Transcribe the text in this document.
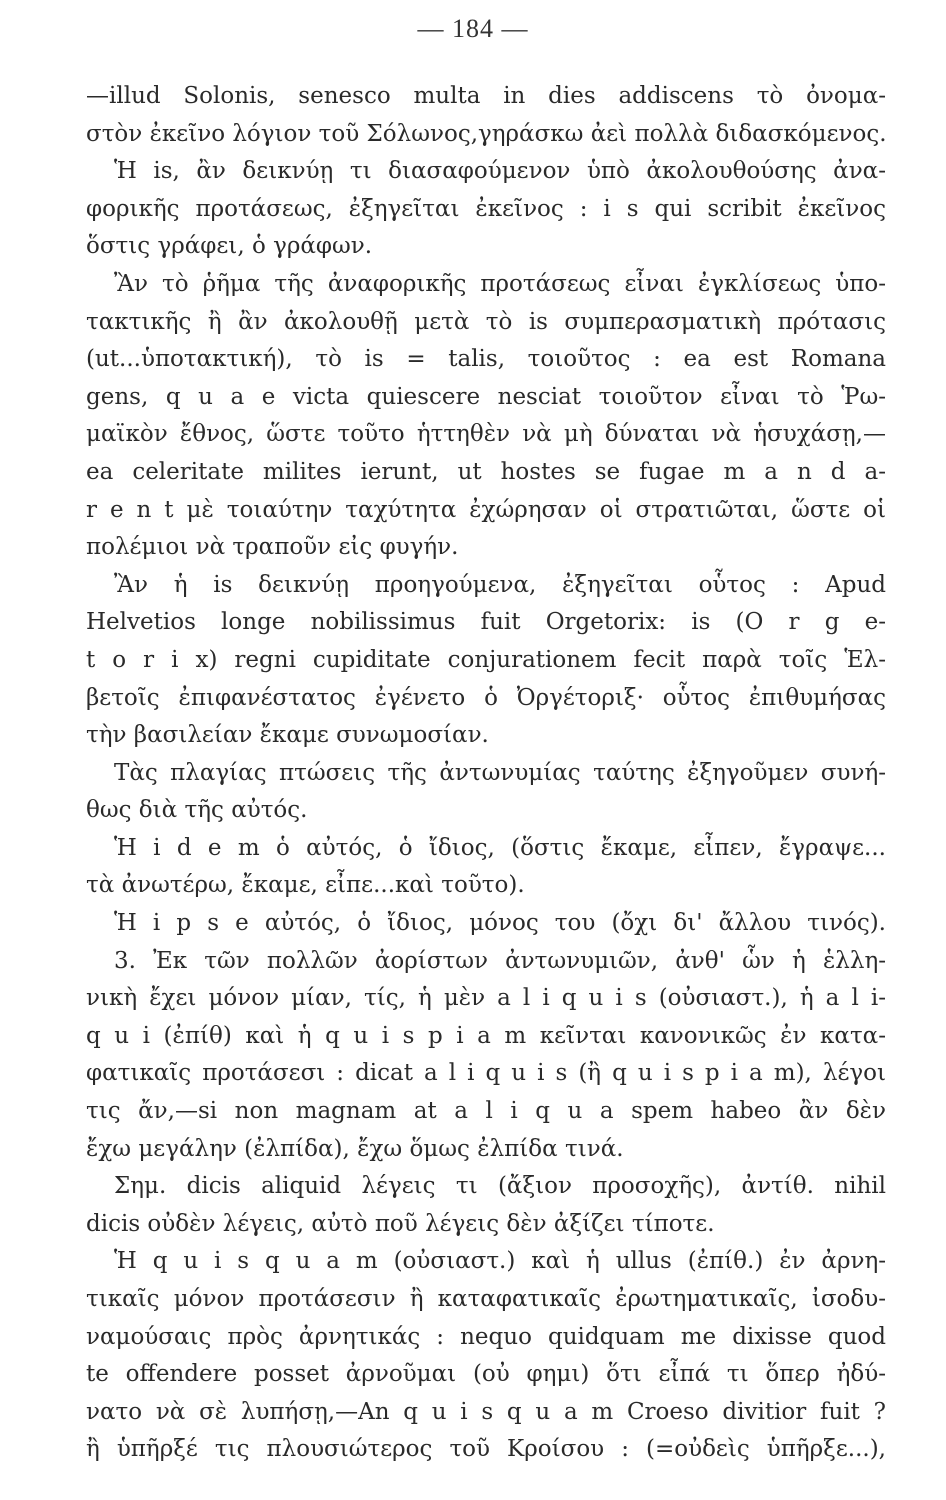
— 184 —
—illud Solonis, senesco multa in dies addiscens τὸ ὀνομα-
στὸν ἐκεῖνο λόγιον τοῦ Σόλωνος,γηράσκω ἀεὶ πολλὰ διδασκόμενος.
Ἡ is, ἂν δεικνύῃ τι διασαφούμενον ὑπὸ ἀκολουθούσης ἀνα-
φορικῆς προτάσεως, ἐξηγεῖται ἐκεῖνος : i s qui scribit ἐκεῖνος
ὅστις γράφει, ὁ γράφων.
Ἂν τὸ ῥῆμα τῆς ἀναφορικῆς προτάσεως εἶναι ἐγκλίσεως ὑπο-
τακτικῆς ἢ ἂν ἀκολουθῇ μετὰ τὸ is συμπερασματικὴ πρότασις
(ut...ὑποτακτική), τὸ is = talis, τοιοῦτος : ea est Romana
gens, q u a e victa quiescere nesciat τοιοῦτον εἶναι τὸ Ῥω-
μαϊκὸν ἔθνος, ὥστε τοῦτο ἡττηθὲν νὰ μὴ δύναται νὰ ἡσυχάσῃ,—
ea celeritate milites ierunt, ut hostes se fugae m a n d a-
r e n t μὲ τοιαύτην ταχύτητα ἐχώρησαν οἱ στρατιῶται, ὥστε οἱ
πολέμιοι νὰ τραποῦν εἰς φυγήν.
Ἂν ἡ is δεικνύῃ προηγούμενα, ἐξηγεῖται οὗτος : Apud
Helvetios longe nobilissimus fuit Orgetorix: is (O r g e-
t o r i x) regni cupiditate conjurationem fecit παρὰ τοῖς Ἑλ-
βετοῖς ἐπιφανέστατος ἐγένετο ὁ Ὀργέτοριξ· οὗτος ἐπιθυμήσας
τὴν βασιλείαν ἔκαμε συνωμοσίαν.
Τὰς πλαγίας πτώσεις τῆς ἀντωνυμίας ταύτης ἐξηγοῦμεν συνή-
θως διὰ τῆς αὐτός.
Ἡ i d e m ὁ αὐτός, ὁ ἴδιος, (ὅστις ἔκαμε, εἶπεν, ἔγραψε...
τὰ ἀνωτέρω, ἔκαμε, εἶπε...καὶ τοῦτο).
Ἡ i p s e αὐτός, ὁ ἴδιος, μόνος του (ὄχι δι' ἄλλου τινός).
3. Ἐκ τῶν πολλῶν ἀορίστων ἀντωνυμιῶν, ἀνθ' ὧν ἡ ἑλλη-
νικὴ ἔχει μόνον μίαν, τίς, ἡ μὲν a l i q u i s (οὐσιαστ.), ἡ a l i-
q u i (ἐπίθ) καὶ ἡ q u i s p i a m κεῖνται κανονικῶς ἐν κατα-
φατικαῖς προτάσεσι : dicat a l i q u i s (ἢ q u i s p i a m), λέγοι
τις ἄν,—si non magnam at a l i q u a spem habeo ἂν δὲν
ἔχω μεγάλην (ἐλπίδα), ἔχω ὅμως ἐλπίδα τινά.
Σημ. dicis aliquid λέγεις τι (ἄξιον προσοχῆς), ἀντίθ. nihil
dicis οὐδὲν λέγεις, αὐτὸ ποῦ λέγεις δὲν ἀξίζει τίποτε.
Ἡ q u i s q u a m (οὐσιαστ.) καὶ ἡ ullus (ἐπίθ.) ἐν ἀρνη-
τικαῖς μόνον προτάσεσιν ἢ καταφατικαῖς ἐρωτηματικαῖς, ἰσοδυ-
ναμούσαις πρὸς ἀρνητικάς : nequo quidquam me dixisse quod
te offendere posset ἀρνοῦμαι (οὐ φημι) ὅτι εἶπά τι ὅπερ ἠδύ-
νατο νὰ σὲ λυπήσῃ,—An q u i s q u a m Croeso divitior fuit ?
ἢ ὑπῆρξέ τις πλουσιώτερος τοῦ Κροίσου : (=οὐδεὶς ὑπῆρξε...),
